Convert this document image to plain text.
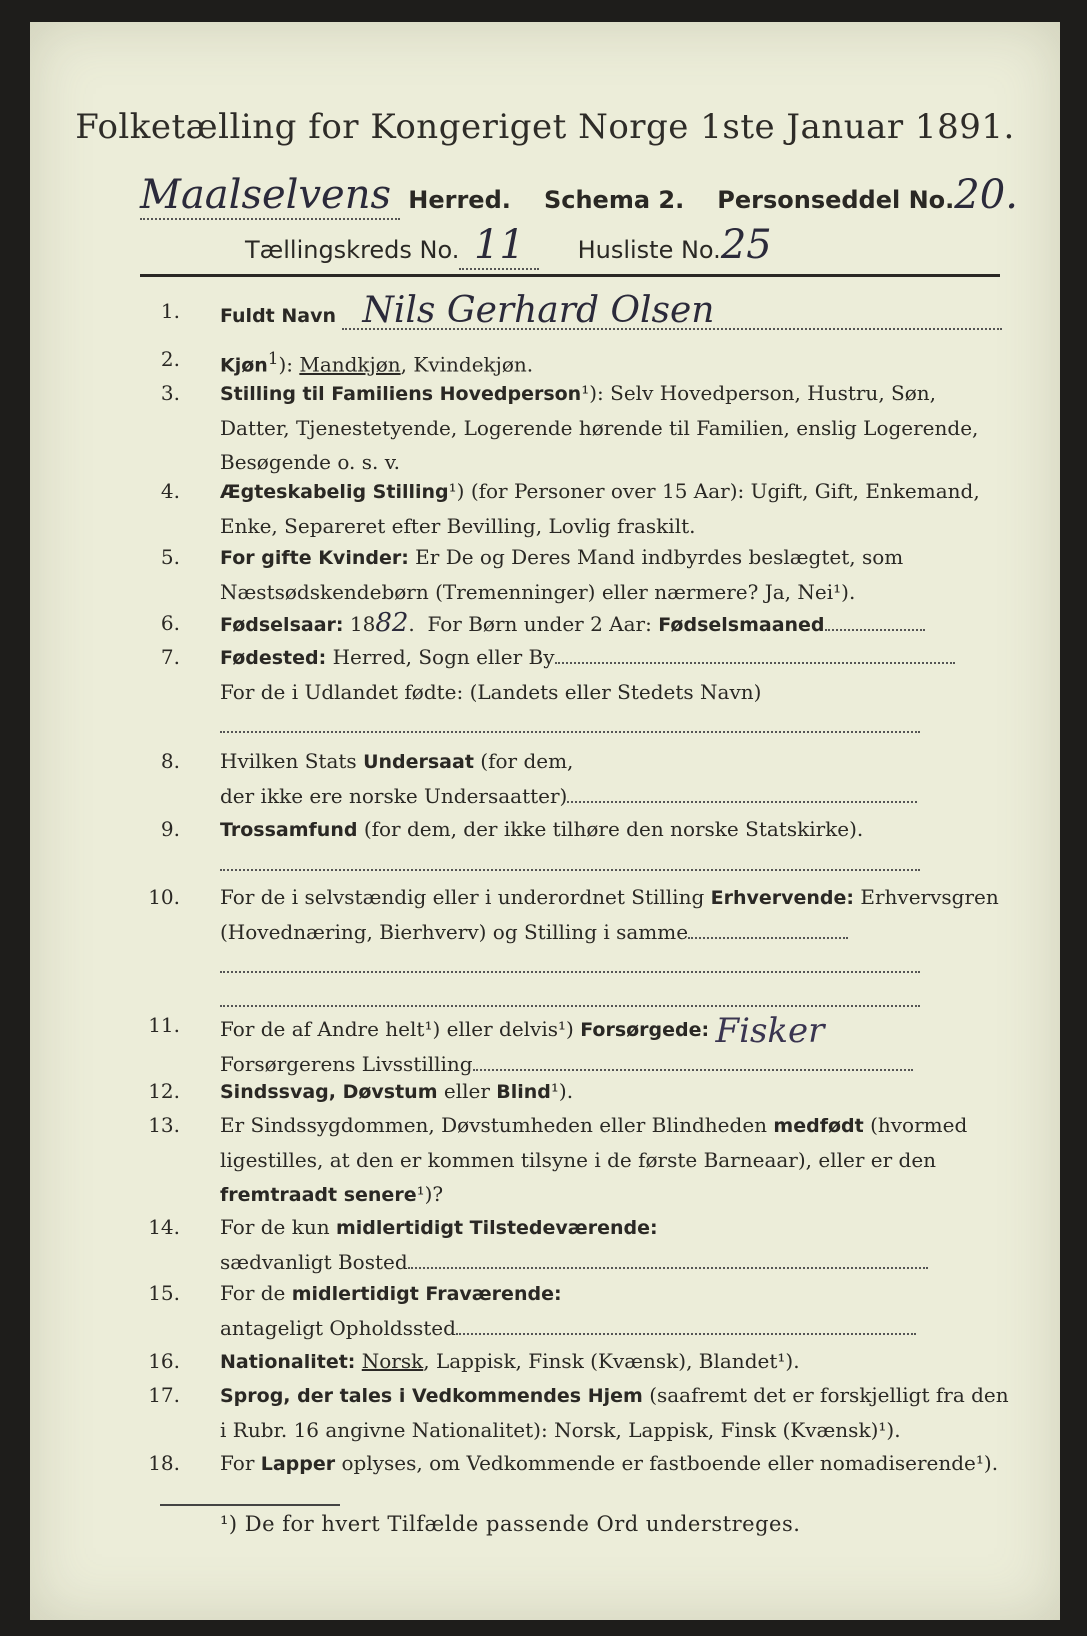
Folketælling for Kongeriget Norge 1ste Januar 1891.
Maalselvens Herred. Schema 2. Personseddel No.20.
Tællingskreds No. 11 Husliste No.25
1. Fuldt Navn Nils Gerhard Olsen
2. Kjøn$^1$): Mandkjøn, Kvindekjøn.
3. Stilling til Familiens Hovedperson¹): Selv Hovedperson, Hustru, Søn, Datter, Tjenestetyende, Logerende hørende til Familien, enslig Logerende, Besøgende o. s. v.
4. Ægteskabelig Stilling¹) (for Personer over 15 Aar): Ugift, Gift, Enkemand, Enke, Separeret efter Bevilling, Lovlig fraskilt.
5. For gifte Kvinder: Er De og Deres Mand indbyrdes beslægtet, som Næstsødskendebørn (Tremenninger) eller nærmere? Ja, Nei¹).
6. Fødselsaar: 1882.  For Børn under 2 Aar: Fødselsmaaned
7. Fødested: Herred, Sogn eller By
For de i Udlandet fødte: (Landets eller Stedets Navn)

8. Hvilken Stats Undersaat (for dem,
der ikke ere norske Undersaatter)
9. Trossamfund (for dem, der ikke tilhøre den norske Statskirke).

10. For de i selvstændig eller i underordnet Stilling Erhvervende: Erhvervsgren (Hovednæring, Bierhverv) og Stilling i samme

11. For de af Andre helt¹) eller delvis¹) Forsørgede: Fisker
Forsørgerens Livsstilling
12. Sindssvag, Døvstum eller Blind¹).
13. Er Sindssygdommen, Døvstumheden eller Blindheden medfødt (hvormed ligestilles, at den er kommen tilsyne i de første Barneaar), eller er den fremtraadt senere¹)?
14. For de kun midlertidigt Tilstedeværende:
sædvanligt Bosted
15. For de midlertidigt Fraværende:
antageligt Opholdssted
16. Nationalitet: Norsk, Lappisk, Finsk (Kvænsk), Blandet¹).
17. Sprog, der tales i Vedkommendes Hjem (saafremt det er forskjelligt fra den i Rubr. 16 angivne Nationalitet): Norsk, Lappisk, Finsk (Kvænsk)¹).
18. For Lapper oplyses, om Vedkommende er fastboende eller nomadiserende¹).
¹) De for hvert Tilfælde passende Ord understreges.
